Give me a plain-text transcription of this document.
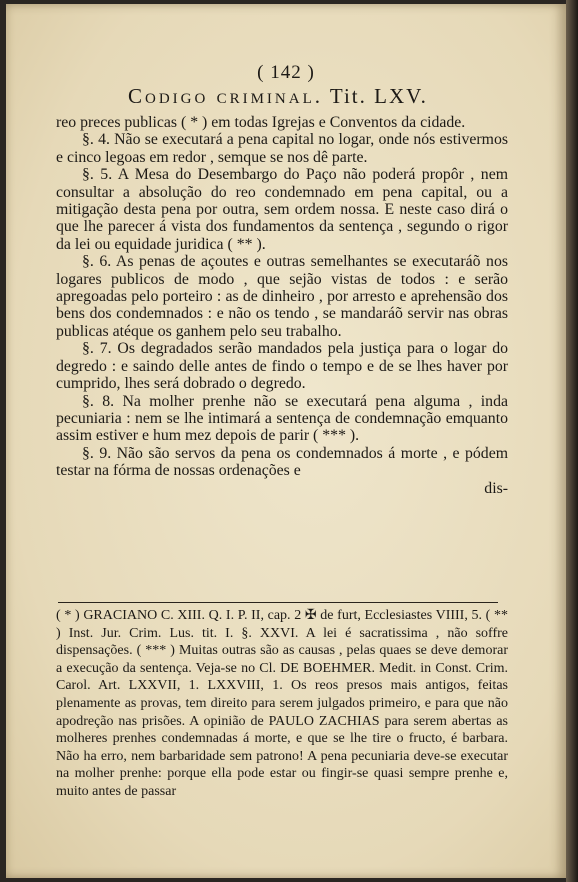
( 142 )
Codigo criminal. Tit. LXV.

reo preces publicas ( * ) em todas Igrejas e Conventos da cidade.

§. 4. Não se executará a pena capital no logar, onde nós estivermos e cinco legoas em redor , semque se nos dê parte.

§. 5. A Mesa do Desembargo do Paço não poderá propôr , nem consultar a absolução do reo condemnado em pena capital, ou a mitigação desta pena por outra, sem ordem nossa. E neste caso dirá o que lhe parecer á vista dos fundamentos da sentença , segundo o rigor da lei ou equidade juridica ( ** ).

§. 6. As penas de açoutes e outras semelhantes se executaráõ nos logares publicos de modo , que sejão vistas de todos : e serão apregoadas pelo porteiro : as de dinheiro , por arresto e aprehensão dos bens dos condemnados : e não os tendo , se mandaráõ servir nas obras publicas atéque os ganhem pelo seu trabalho.

§. 7. Os degradados serão mandados pela justiça para o logar do degredo : e saindo delle antes de findo o tempo e de se lhes haver por cumprido, lhes será dobrado o degredo.

§. 8. Na molher prenhe não se executará pena alguma , inda pecuniaria : nem se lhe intimará a sentença de condemnação emquanto assim estiver e hum mez depois de parir ( *** ).

§. 9. Não são servos da pena os condemnados á morte , e pódem testar na fórma de nossas ordenações e

dis-

( * ) GRACIANO C. XIII. Q. I. P. II, cap. 2 ✠ de furt, Ecclesiastes VIIII, 5. ( ** ) Inst. Jur. Crim. Lus. tit. I. §. XXVI. A lei é sacratissima , não soffre dispensações. ( *** ) Muitas outras são as causas , pelas quaes se deve demorar a execução da sentença. Veja-se no Cl. DE BOEHMER. Medit. in Const. Crim. Carol. Art. LXXVII, 1. LXXVIII, 1. Os reos presos mais antigos, feitas plenamente as provas, tem direito para serem julgados primeiro, e para que não apodreção nas prisões. A opinião de PAULO ZACHIAS para serem abertas as molheres prenhes condemnadas á morte, e que se lhe tire o fructo, é barbara. Não ha erro, nem barbaridade sem patrono! A pena pecuniaria deve-se executar na molher prenhe: porque ella pode estar ou fingir-se quasi sempre prenhe e, muito antes de passar
